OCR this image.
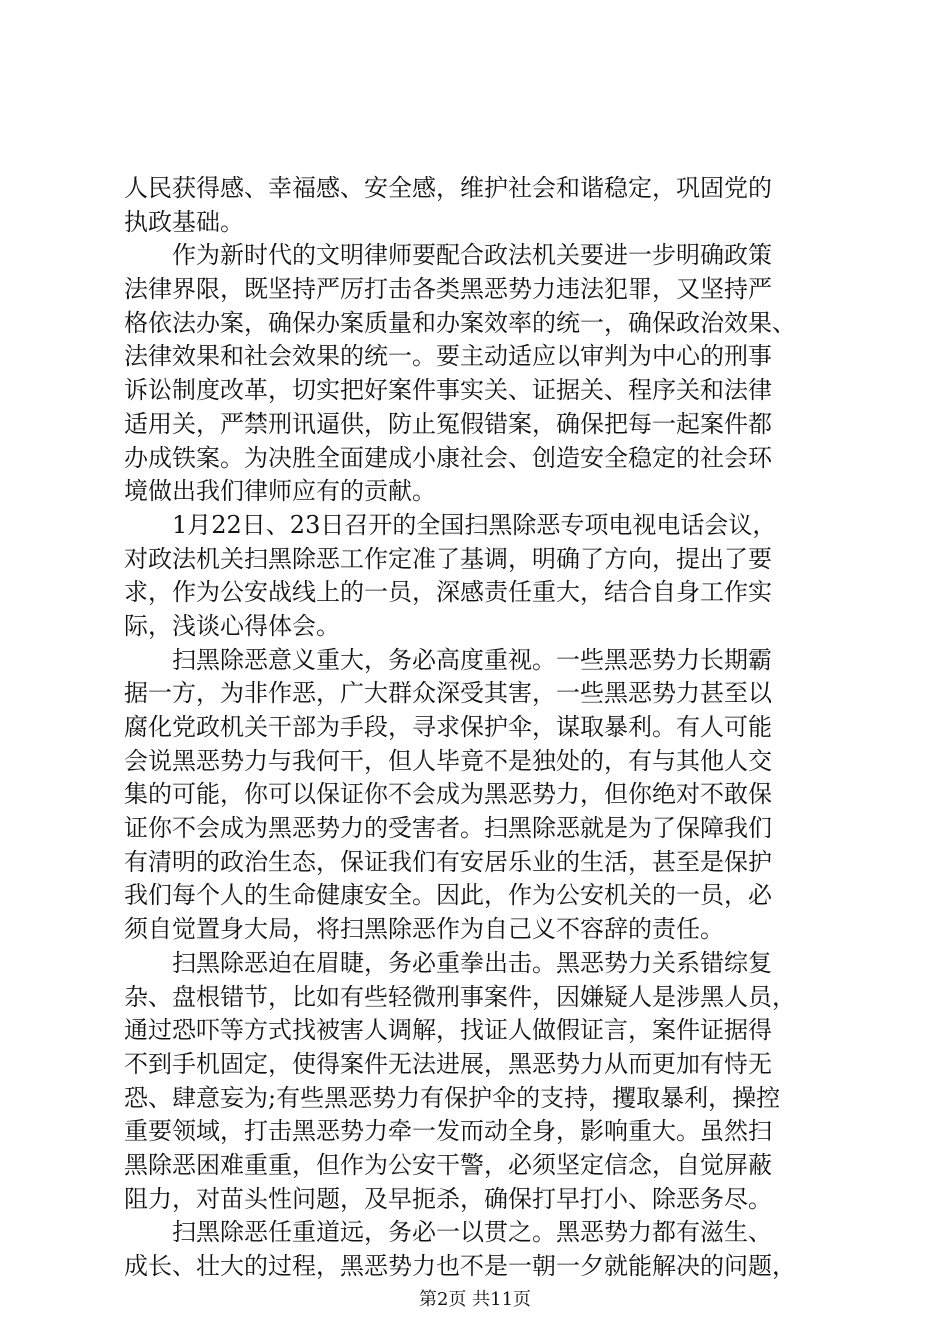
人民获得感、幸福感、安全感，维护社会和谐稳定，巩固党的
执政基础。
　　作为新时代的文明律师要配合政法机关要进一步明确政策
法律界限，既坚持严厉打击各类黑恶势力违法犯罪，又坚持严
格依法办案，确保办案质量和办案效率的统一，确保政治效果、
法律效果和社会效果的统一。要主动适应以审判为中心的刑事
诉讼制度改革，切实把好案件事实关、证据关、程序关和法律
适用关，严禁刑讯逼供，防止冤假错案，确保把每一起案件都
办成铁案。为决胜全面建成小康社会、创造安全稳定的社会环
境做出我们律师应有的贡献。
　　1月22日、23日召开的全国扫黑除恶专项电视电话会议，
对政法机关扫黑除恶工作定准了基调，明确了方向，提出了要
求，作为公安战线上的一员，深感责任重大，结合自身工作实
际，浅谈心得体会。
　　扫黑除恶意义重大，务必高度重视。一些黑恶势力长期霸
据一方，为非作恶，广大群众深受其害，一些黑恶势力甚至以
腐化党政机关干部为手段，寻求保护伞，谋取暴利。有人可能
会说黑恶势力与我何干，但人毕竟不是独处的，有与其他人交
集的可能，你可以保证你不会成为黑恶势力，但你绝对不敢保
证你不会成为黑恶势力的受害者。扫黑除恶就是为了保障我们
有清明的政治生态，保证我们有安居乐业的生活，甚至是保护
我们每个人的生命健康安全。因此，作为公安机关的一员，必
须自觉置身大局，将扫黑除恶作为自己义不容辞的责任。
　　扫黑除恶迫在眉睫，务必重拳出击。黑恶势力关系错综复
杂、盘根错节，比如有些轻微刑事案件，因嫌疑人是涉黑人员，
通过恐吓等方式找被害人调解，找证人做假证言，案件证据得
不到手机固定，使得案件无法进展，黑恶势力从而更加有恃无
恐、肆意妄为;有些黑恶势力有保护伞的支持，攫取暴利，操控
重要领域，打击黑恶势力牵一发而动全身，影响重大。虽然扫
黑除恶困难重重，但作为公安干警，必须坚定信念，自觉屏蔽
阻力，对苗头性问题，及早扼杀，确保打早打小、除恶务尽。
　　扫黑除恶任重道远，务必一以贯之。黑恶势力都有滋生、
成长、壮大的过程，黑恶势力也不是一朝一夕就能解决的问题，
第2页 共11页
